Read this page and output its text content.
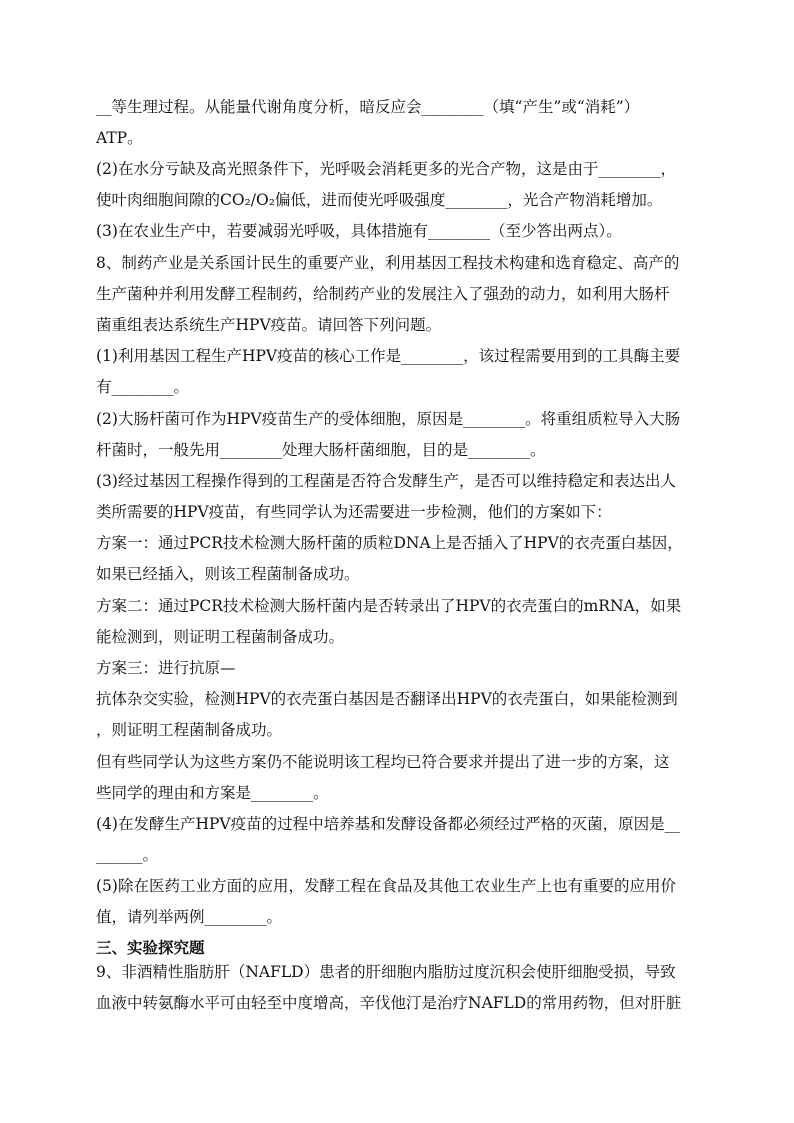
__等生理过程。从能量代谢角度分析，暗反应会________（填“产生”或“消耗”）
ATP。
(2)在水分亏缺及高光照条件下，光呼吸会消耗更多的光合产物，这是由于________，
使叶肉细胞间隙的CO₂/O₂偏低，进而使光呼吸强度________，光合产物消耗增加。
(3)在农业生产中，若要减弱光呼吸，具体措施有________（至少答出两点）。
8、制药产业是关系国计民生的重要产业，利用基因工程技术构建和选育稳定、高产的
生产菌种并利用发酵工程制药，给制药产业的发展注入了强劲的动力，如利用大肠杆
菌重组表达系统生产HPV疫苗。请回答下列问题。
(1)利用基因工程生产HPV疫苗的核心工作是________，该过程需要用到的工具酶主要
有________。
(2)大肠杆菌可作为HPV疫苗生产的受体细胞，原因是________。将重组质粒导入大肠
杆菌时，一般先用________处理大肠杆菌细胞，目的是________。
(3)经过基因工程操作得到的工程菌是否符合发酵生产，是否可以维持稳定和表达出人
类所需要的HPV疫苗，有些同学认为还需要进一步检测，他们的方案如下：
方案一：通过PCR技术检测大肠杆菌的质粒DNA上是否插入了HPV的衣壳蛋白基因，
如果已经插入，则该工程菌制备成功。
方案二：通过PCR技术检测大肠杆菌内是否转录出了HPV的衣壳蛋白的mRNA，如果
能检测到，则证明工程菌制备成功。
方案三：进行抗原—
抗体杂交实验，检测HPV的衣壳蛋白基因是否翻译出HPV的衣壳蛋白，如果能检测到
，则证明工程菌制备成功。
但有些同学认为这些方案仍不能说明该工程均已符合要求并提出了进一步的方案，这
些同学的理由和方案是________。
(4)在发酵生产HPV疫苗的过程中培养基和发酵设备都必须经过严格的灭菌，原因是__
______。
(5)除在医药工业方面的应用，发酵工程在食品及其他工农业生产上也有重要的应用价
值，请列举两例________。
三、实验探究题
9、非酒精性脂肪肝（NAFLD）患者的肝细胞内脂肪过度沉积会使肝细胞受损，导致
血液中转氨酶水平可由轻至中度增高，辛伐他汀是治疗NAFLD的常用药物，但对肝脏
